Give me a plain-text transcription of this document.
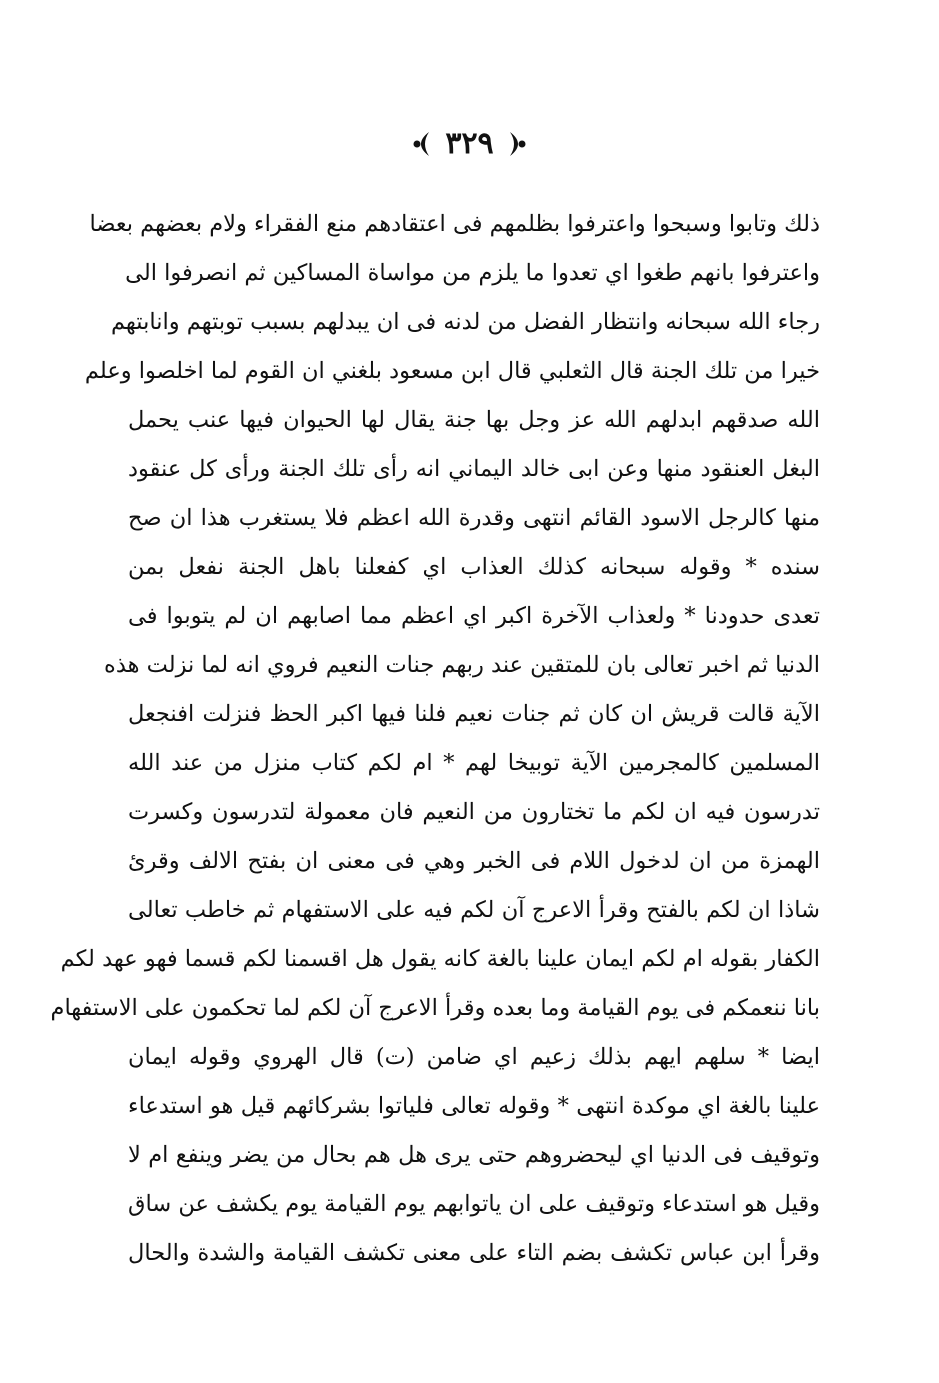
٣٢٩
ذلك وتابوا وسبحوا واعترفوا بظلمهم فى اعتقادهم منع الفقراء ولام بعضهم بعضا
واعترفوا بانهم طغوا اي تعدوا ما يلزم من مواساة المساكين ثم انصرفوا الى
رجاء الله سبحانه وانتظار الفضل من لدنه فى ان يبدلهم بسبب توبتهم وانابتهم
خيرا من تلك الجنة قال الثعلبي قال ابن مسعود بلغني ان القوم لما اخلصوا وعلم
الله صدقهم ابدلهم الله عز وجل بها جنة يقال لها الحيوان فيها عنب يحمل
البغل العنقود منها وعن ابى خالد اليماني انه رأى تلك الجنة ورأى كل عنقود
منها كالرجل الاسود القائم انتهى وقدرة الله اعظم فلا يستغرب هذا ان صح
سنده * وقوله سبحانه كذلك العذاب اي كفعلنا باهل الجنة نفعل بمن
تعدى حدودنا * ولعذاب الآخرة اكبر اي اعظم مما اصابهم ان لم يتوبوا فى
الدنيا ثم اخبر تعالى بان للمتقين عند ربهم جنات النعيم فروي انه لما نزلت هذه
الآية قالت قريش ان كان ثم جنات نعيم فلنا فيها اكبر الحظ فنزلت افنجعل
المسلمين كالمجرمين الآية توبيخا لهم * ام لكم كتاب منزل من عند الله
تدرسون فيه ان لكم ما تختارون من النعيم فان معمولة لتدرسون وكسرت
الهمزة من ان لدخول اللام فى الخبر وهي فى معنى ان بفتح الالف وقرئ
شاذا ان لكم بالفتح وقرأ الاعرج آن لكم فيه على الاستفهام ثم خاطب تعالى
الكفار بقوله ام لكم ايمان علينا بالغة كانه يقول هل اقسمنا لكم قسما فهو عهد لكم
بانا ننعمكم فى يوم القيامة وما بعده وقرأ الاعرج آن لكم لما تحكمون على الاستفهام
ايضا * سلهم ايهم بذلك زعيم اي ضامن (ت) قال الهروي وقوله ايمان
علينا بالغة اي موكدة انتهى * وقوله تعالى فلياتوا بشركائهم قيل هو استدعاء
وتوقيف فى الدنيا اي ليحضروهم حتى يرى هل هم بحال من يضر وينفع ام لا
وقيل هو استدعاء وتوقيف على ان ياتوابهم يوم القيامة يوم يكشف عن ساق
وقرأ ابن عباس تكشف بضم التاء على معنى تكشف القيامة والشدة والحال
